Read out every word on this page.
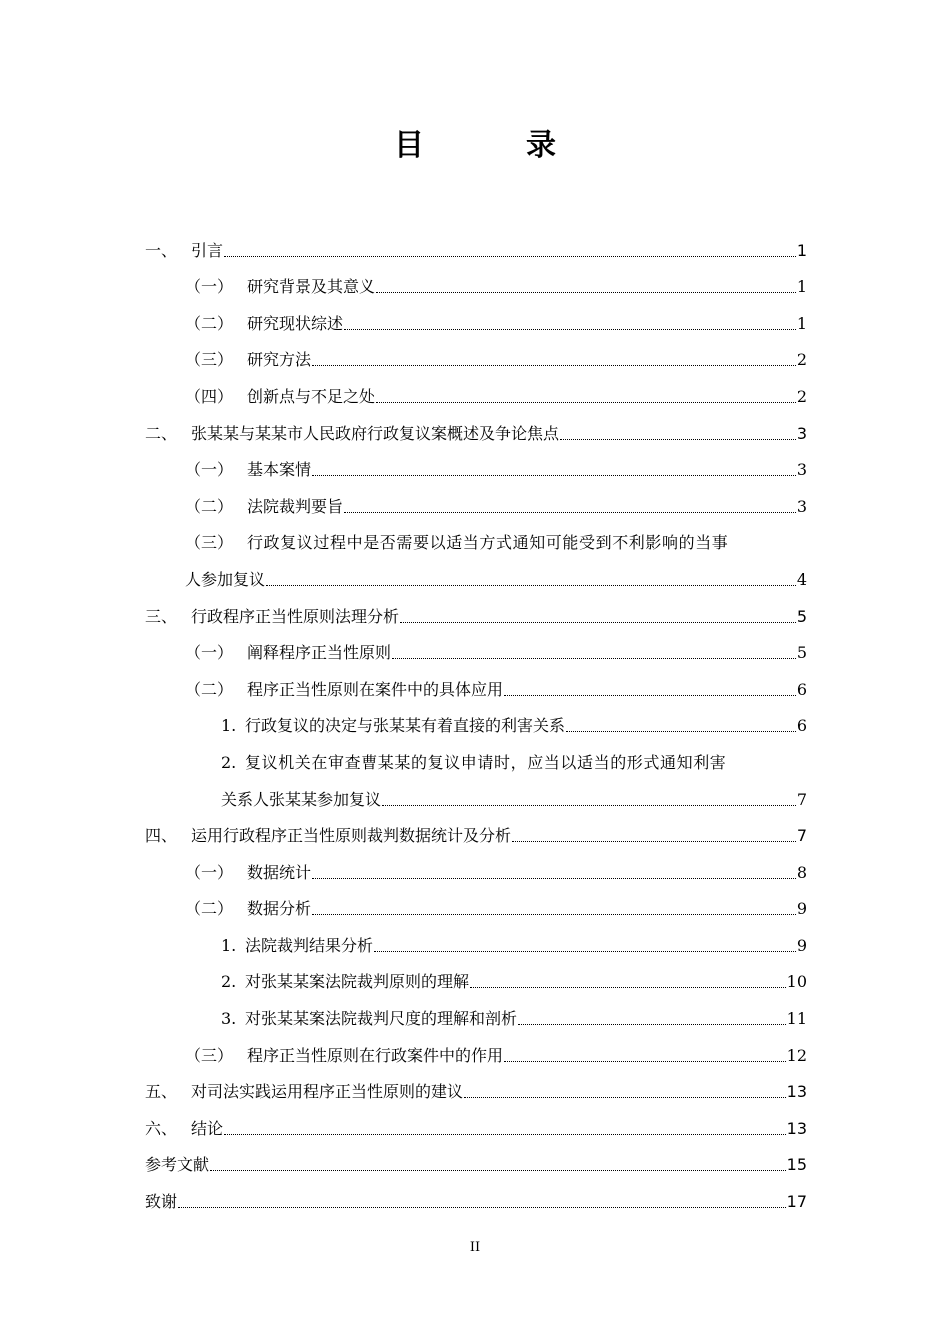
目　录
一、 引言	1
（一） 研究背景及其意义	1
（二） 研究现状综述	1
（三） 研究方法	2
（四） 创新点与不足之处	2
二、 张某某与某某市人民政府行政复议案概述及争论焦点	3
（一） 基本案情	3
（二） 法院裁判要旨	3
（三） 行政复议过程中是否需要以适当方式通知可能受到不利影响的当事
人参加复议	4
三、 行政程序正当性原则法理分析	5
（一） 阐释程序正当性原则	5
（二） 程序正当性原则在案件中的具体应用	6
1. 行政复议的决定与张某某有着直接的利害关系	6
2. 复议机关在审查曹某某的复议申请时，应当以适当的形式通知利害
关系人张某某参加复议	7
四、 运用行政程序正当性原则裁判数据统计及分析	7
（一） 数据统计	8
（二） 数据分析	9
1. 法院裁判结果分析	9
2. 对张某某案法院裁判原则的理解	10
3. 对张某某案法院裁判尺度的理解和剖析	11
（三） 程序正当性原则在行政案件中的作用	12
五、 对司法实践运用程序正当性原则的建议	13
六、 结论	13
参考文献	15
致谢	17
II
